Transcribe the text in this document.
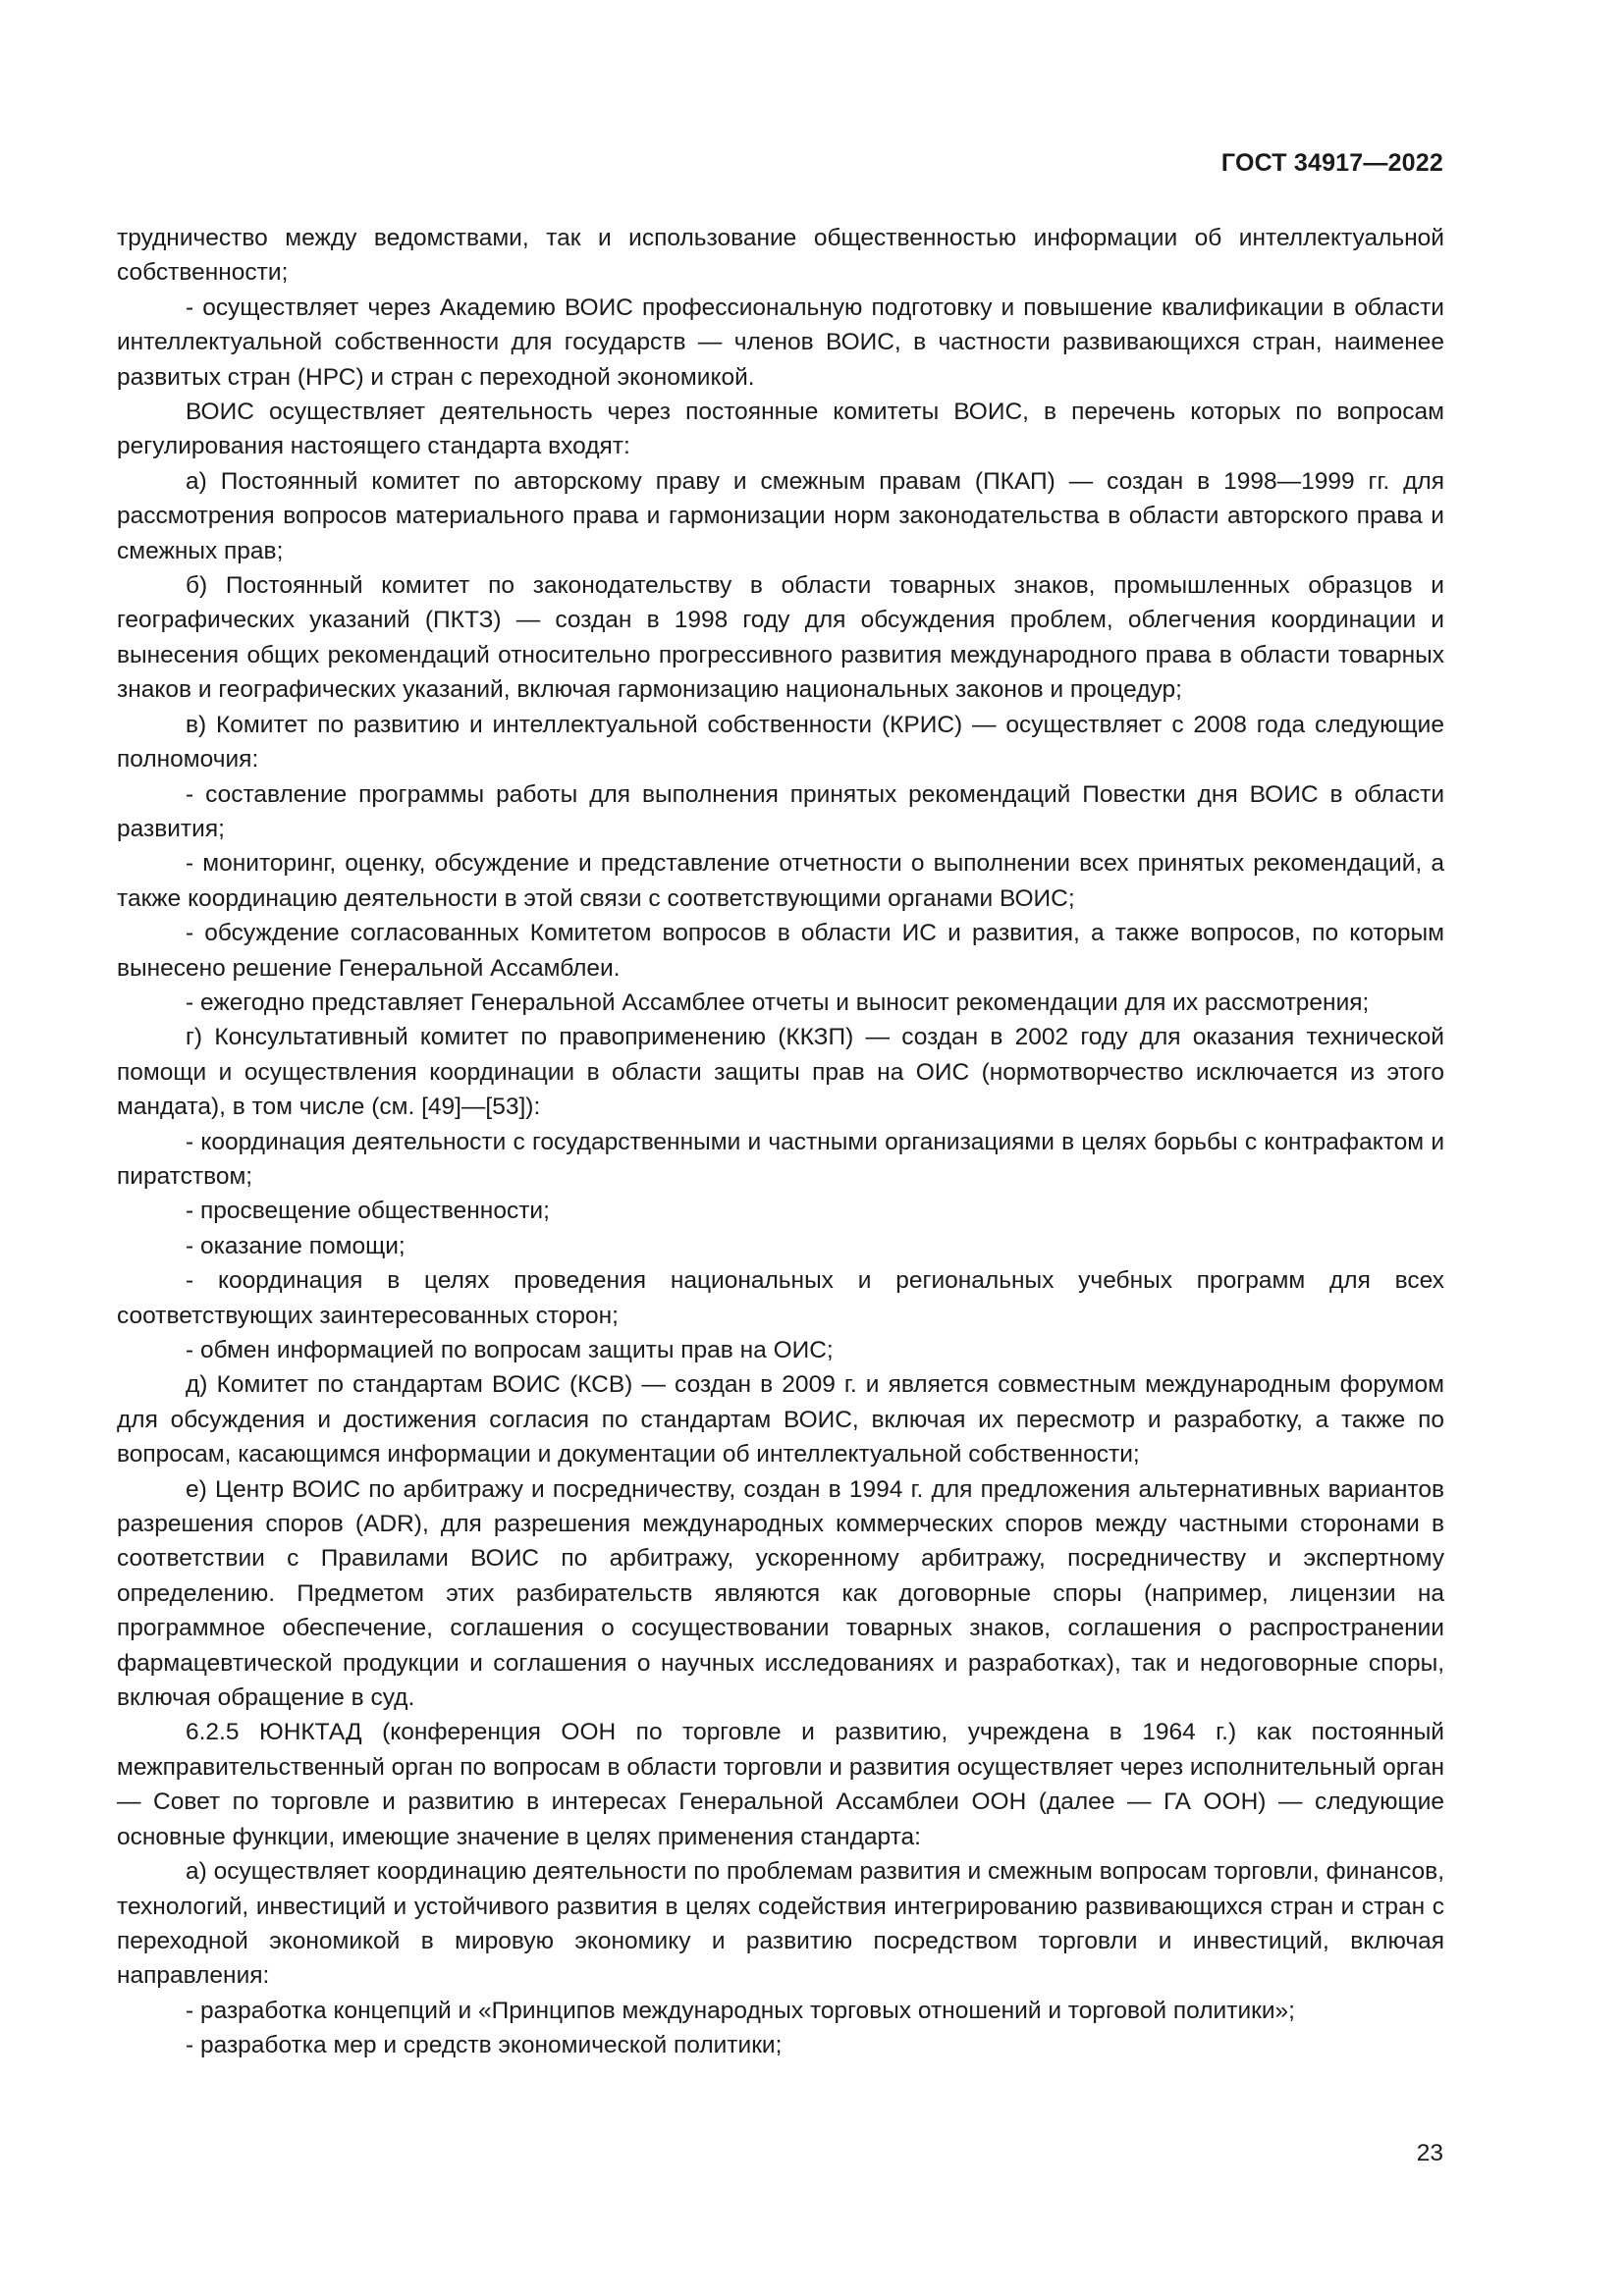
ГОСТ 34917—2022

трудничество между ведомствами, так и использование общественностью информации об интеллектуальной собственности;

- осуществляет через Академию ВОИС профессиональную подготовку и повышение квалификации в области интеллектуальной собственности для государств — членов ВОИС, в частности развивающихся стран, наименее развитых стран (НРС) и стран с переходной экономикой.

ВОИС осуществляет деятельность через постоянные комитеты ВОИС, в перечень которых по вопросам регулирования настоящего стандарта входят:

а) Постоянный комитет по авторскому праву и смежным правам (ПКАП) — создан в 1998—1999 гг. для рассмотрения вопросов материального права и гармонизации норм законодательства в области авторского права и смежных прав;

б) Постоянный комитет по законодательству в области товарных знаков, промышленных образцов и географических указаний (ПКТЗ) — создан в 1998 году для обсуждения проблем, облегчения координации и вынесения общих рекомендаций относительно прогрессивного развития международного права в области товарных знаков и географических указаний, включая гармонизацию национальных законов и процедур;

в) Комитет по развитию и интеллектуальной собственности (КРИС) — осуществляет с 2008 года следующие полномочия:

- составление программы работы для выполнения принятых рекомендаций Повестки дня ВОИС в области развития;

- мониторинг, оценку, обсуждение и представление отчетности о выполнении всех принятых рекомендаций, а также координацию деятельности в этой связи с соответствующими органами ВОИС;

- обсуждение согласованных Комитетом вопросов в области ИС и развития, а также вопросов, по которым вынесено решение Генеральной Ассамблеи.

- ежегодно представляет Генеральной Ассамблее отчеты и выносит рекомендации для их рассмотрения;

г) Консультативный комитет по правоприменению (ККЗП) — создан в 2002 году для оказания технической помощи и осуществления координации в области защиты прав на ОИС (нормотворчество исключается из этого мандата), в том числе (см. [49]—[53]):

- координация деятельности с государственными и частными организациями в целях борьбы с контрафактом и пиратством;

- просвещение общественности;

- оказание помощи;

- координация в целях проведения национальных и региональных учебных программ для всех соответствующих заинтересованных сторон;

- обмен информацией по вопросам защиты прав на ОИС;

д) Комитет по стандартам ВОИС (КСВ) — создан в 2009 г. и является совместным международным форумом для обсуждения и достижения согласия по стандартам ВОИС, включая их пересмотр и разработку, а также по вопросам, касающимся информации и документации об интеллектуальной собственности;

е) Центр ВОИС по арбитражу и посредничеству, создан в 1994 г. для предложения альтернативных вариантов разрешения споров (ADR), для разрешения международных коммерческих споров между частными сторонами в соответствии с Правилами ВОИС по арбитражу, ускоренному арбитражу, посредничеству и экспертному определению. Предметом этих разбирательств являются как договорные споры (например, лицензии на программное обеспечение, соглашения о сосуществовании товарных знаков, соглашения о распространении фармацевтической продукции и соглашения о научных исследованиях и разработках), так и недоговорные споры, включая обращение в суд.

6.2.5 ЮНКТАД (конференция ООН по торговле и развитию, учреждена в 1964 г.) как постоянный межправительственный орган по вопросам в области торговли и развития осуществляет через исполнительный орган — Совет по торговле и развитию в интересах Генеральной Ассамблеи ООН (далее — ГА ООН) — следующие основные функции, имеющие значение в целях применения стандарта:

а) осуществляет координацию деятельности по проблемам развития и смежным вопросам торговли, финансов, технологий, инвестиций и устойчивого развития в целях содействия интегрированию развивающихся стран и стран с переходной экономикой в мировую экономику и развитию посредством торговли и инвестиций, включая направления:

- разработка концепций и «Принципов международных торговых отношений и торговой политики»;

- разработка мер и средств экономической политики;

23
